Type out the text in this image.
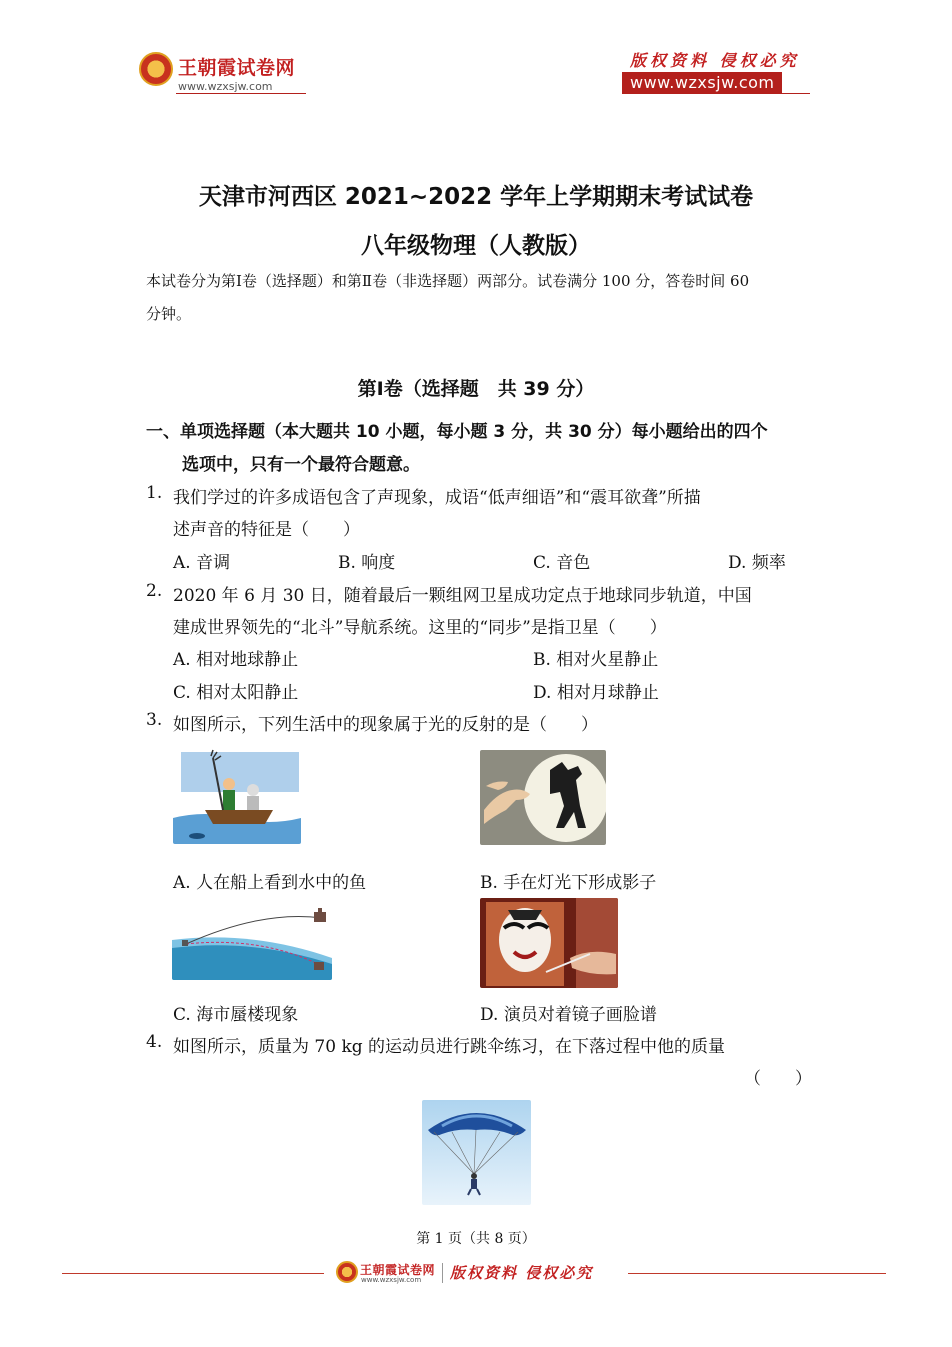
王朝霞试卷网
www.wzxsjw.com
版权资料 侵权必究
www.wzxsjw.com
天津市河西区 2021~2022 学年上学期期末考试试卷
八年级物理（人教版）
本试卷分为第Ⅰ卷（选择题）和第Ⅱ卷（非选择题）两部分。试卷满分 100 分，答卷时间 60
分钟。
第Ⅰ卷（选择题　共 39 分）
一、单项选择题（本大题共 10 小题，每小题 3 分，共 30 分）每小题给出的四个
选项中，只有一个最符合题意。
1. 我们学过的许多成语包含了声现象，成语“低声细语”和“震耳欲聋”所描
述声音的特征是（　　）
A. 音调	B. 响度	C. 音色	D. 频率
2. 2020 年 6 月 30 日，随着最后一颗组网卫星成功定点于地球同步轨道，中国
建成世界领先的“北斗”导航系统。这里的“同步”是指卫星（　　）
A. 相对地球静止	B. 相对火星静止
C. 相对太阳静止	D. 相对月球静止
3. 如图所示，下列生活中的现象属于光的反射的是（　　）
A. 人在船上看到水中的鱼	B. 手在灯光下形成影子
C. 海市蜃楼现象	D. 演员对着镜子画脸谱
4. 如图所示，质量为 70 kg 的运动员进行跳伞练习，在下落过程中他的质量
（　　）
第 1 页（共 8 页）
王朝霞试卷网
www.wzxsjw.com 版权资料 侵权必究
